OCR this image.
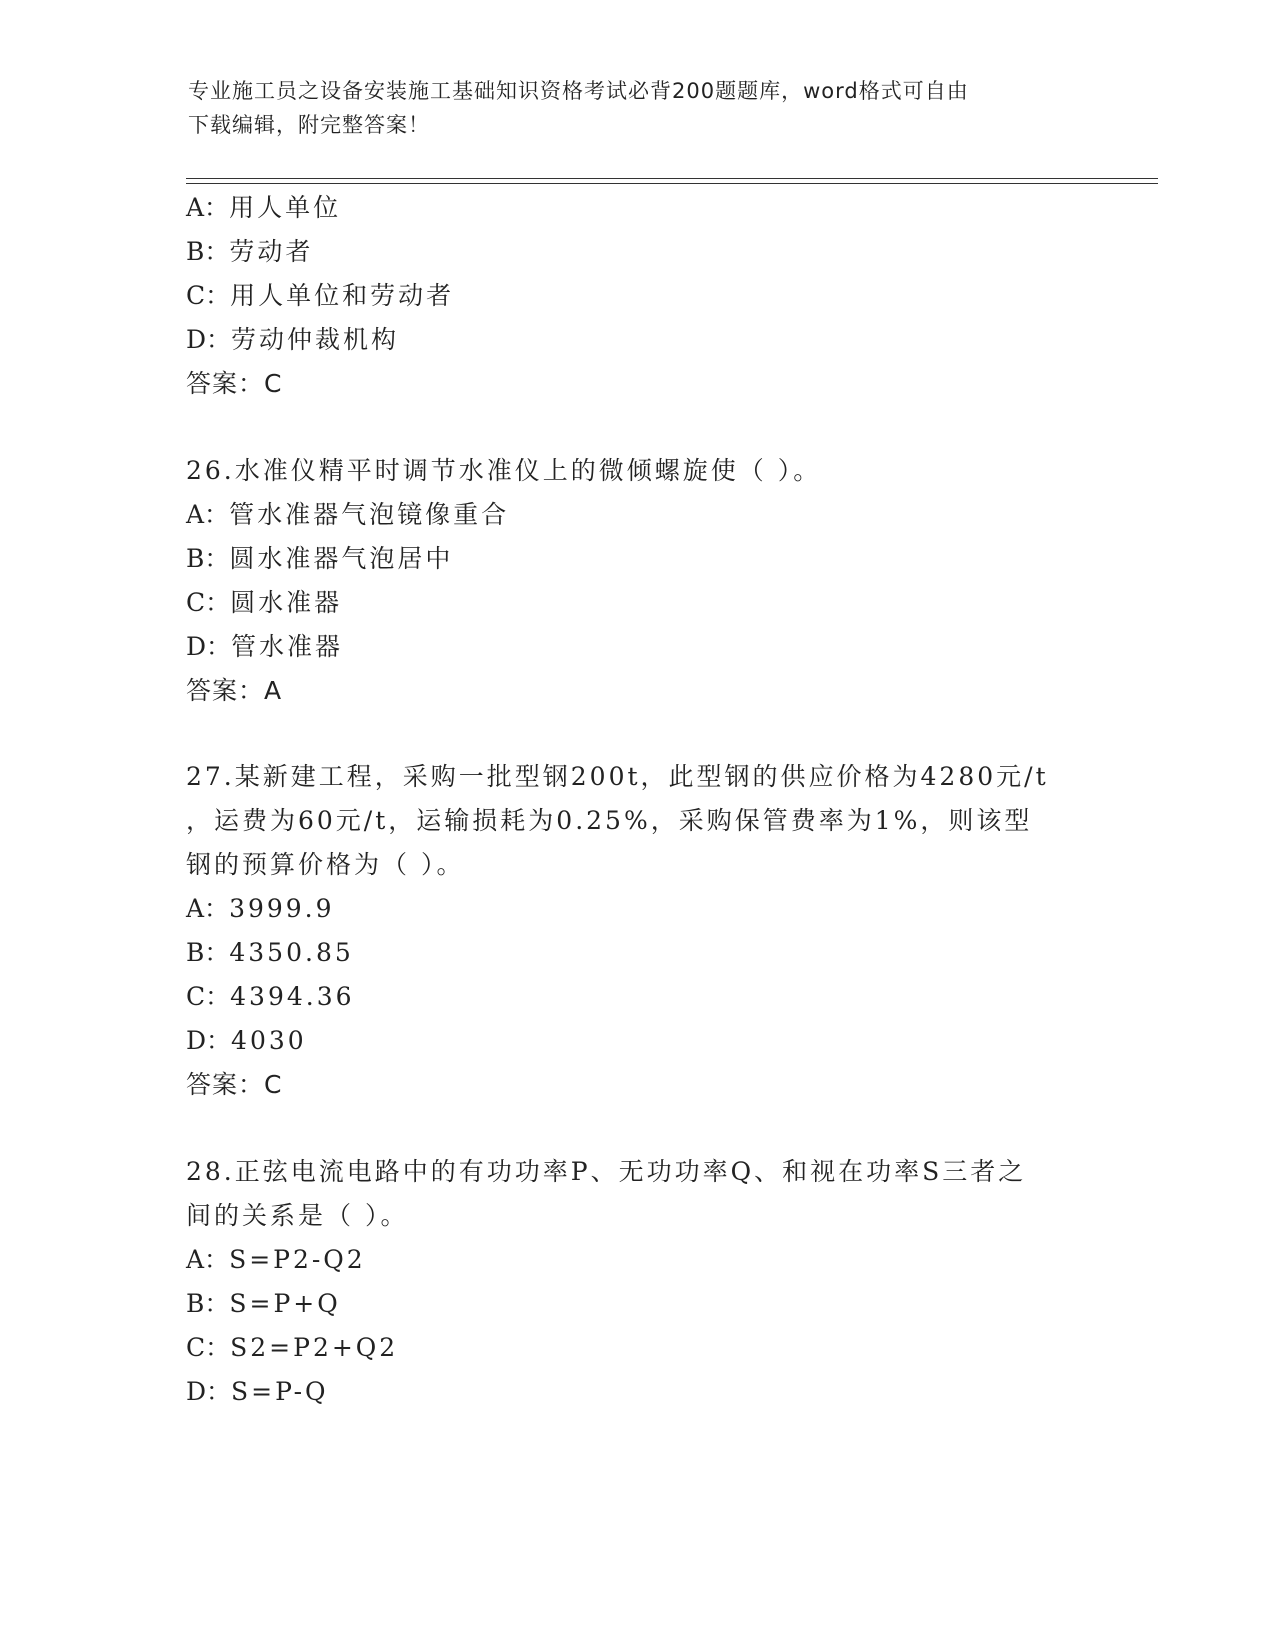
专业施工员之设备安装施工基础知识资格考试必背200题题库，word格式可自由
下载编辑，附完整答案！
A：用人单位
B：劳动者
C：用人单位和劳动者
D：劳动仲裁机构
答案：C
26.水准仪精平时调节水准仪上的微倾螺旋使（ ）。
A：管水准器气泡镜像重合
B：圆水准器气泡居中
C：圆水准器
D：管水准器
答案：A
27.某新建工程，采购一批型钢200t，此型钢的供应价格为4280元/t
，运费为60元/t，运输损耗为0.25%，采购保管费率为1%，则该型
钢的预算价格为（ ）。
A：3999.9
B：4350.85
C：4394.36
D：4030
答案：C
28.正弦电流电路中的有功功率P、无功功率Q、和视在功率S三者之
间的关系是（ ）。
A：S=P2-Q2
B：S=P+Q
C：S2=P2+Q2
D：S=P-Q
